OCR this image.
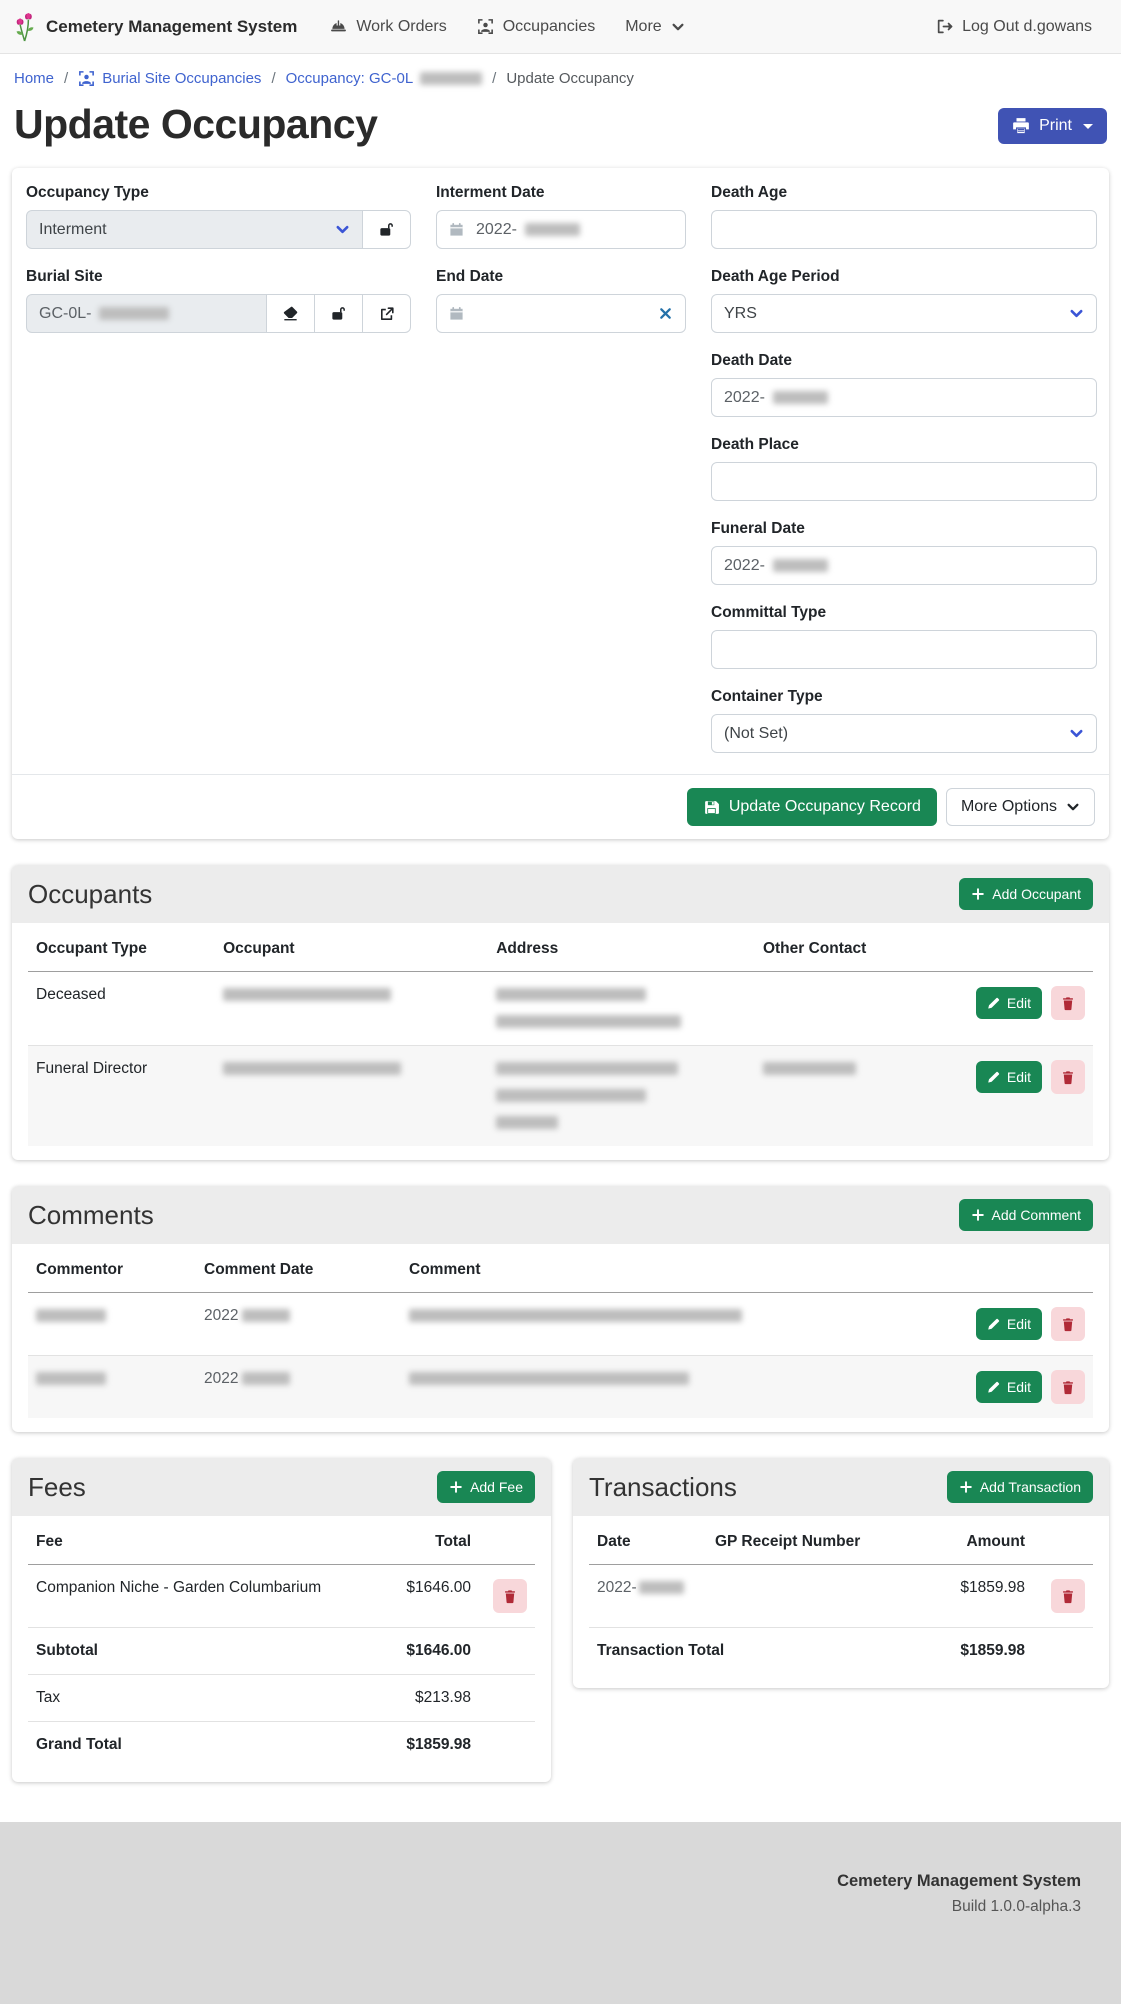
Cemetery Management System	Work Orders	Occupancies More	Log Out d.gowans
Home / Burial Site Occupancies / Occupancy: GC-0L	/ Update Occupancy
Update Occupancy	Print
Occupancy Type
Interment
Burial Site
GC-0L-
Interment Date
2022-
End Date
Death Age
Death Age Period
YRS
Death Date
2022-
Death Place
Funeral Date
2022-
Committal Type
Container Type
(Not Set)
Update Occupancy Record	More Options
Occupants	Add Occupant
Occupant Type	Occupant	Address	Other Contact	
Deceased				Edit

Funeral Director				Edit
Comments	Add Comment
Commentor	Comment Date	Comment	
	2022		Edit

	2022		Edit
Fees	Add Fee
Fee	Total	
Companion Niche - Garden Columbarium	$1646.00	

Subtotal	$1646.00	
Tax	$213.98	
Grand Total	$1859.98	
Transactions	Add Transaction
Date	GP Receipt Number	Amount	
2022-		$1859.98	

Transaction Total		$1859.98	
Cemetery Management System
Build 1.0.0-alpha.3
